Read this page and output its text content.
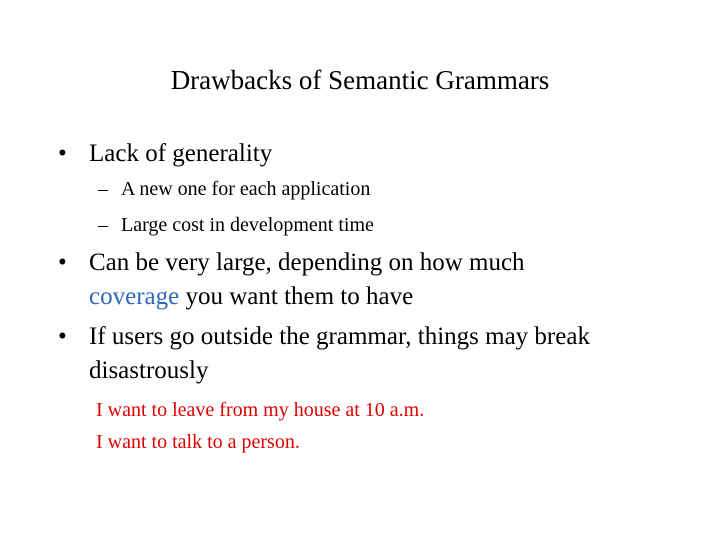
Drawbacks of Semantic Grammars
• Lack of generality
– A new one for each application
– Large cost in development time
• Can be very large, depending on how much
coverage you want them to have
• If users go outside the grammar, things may break
disastrously
I want to leave from my house at 10 a.m.
I want to talk to a person.
